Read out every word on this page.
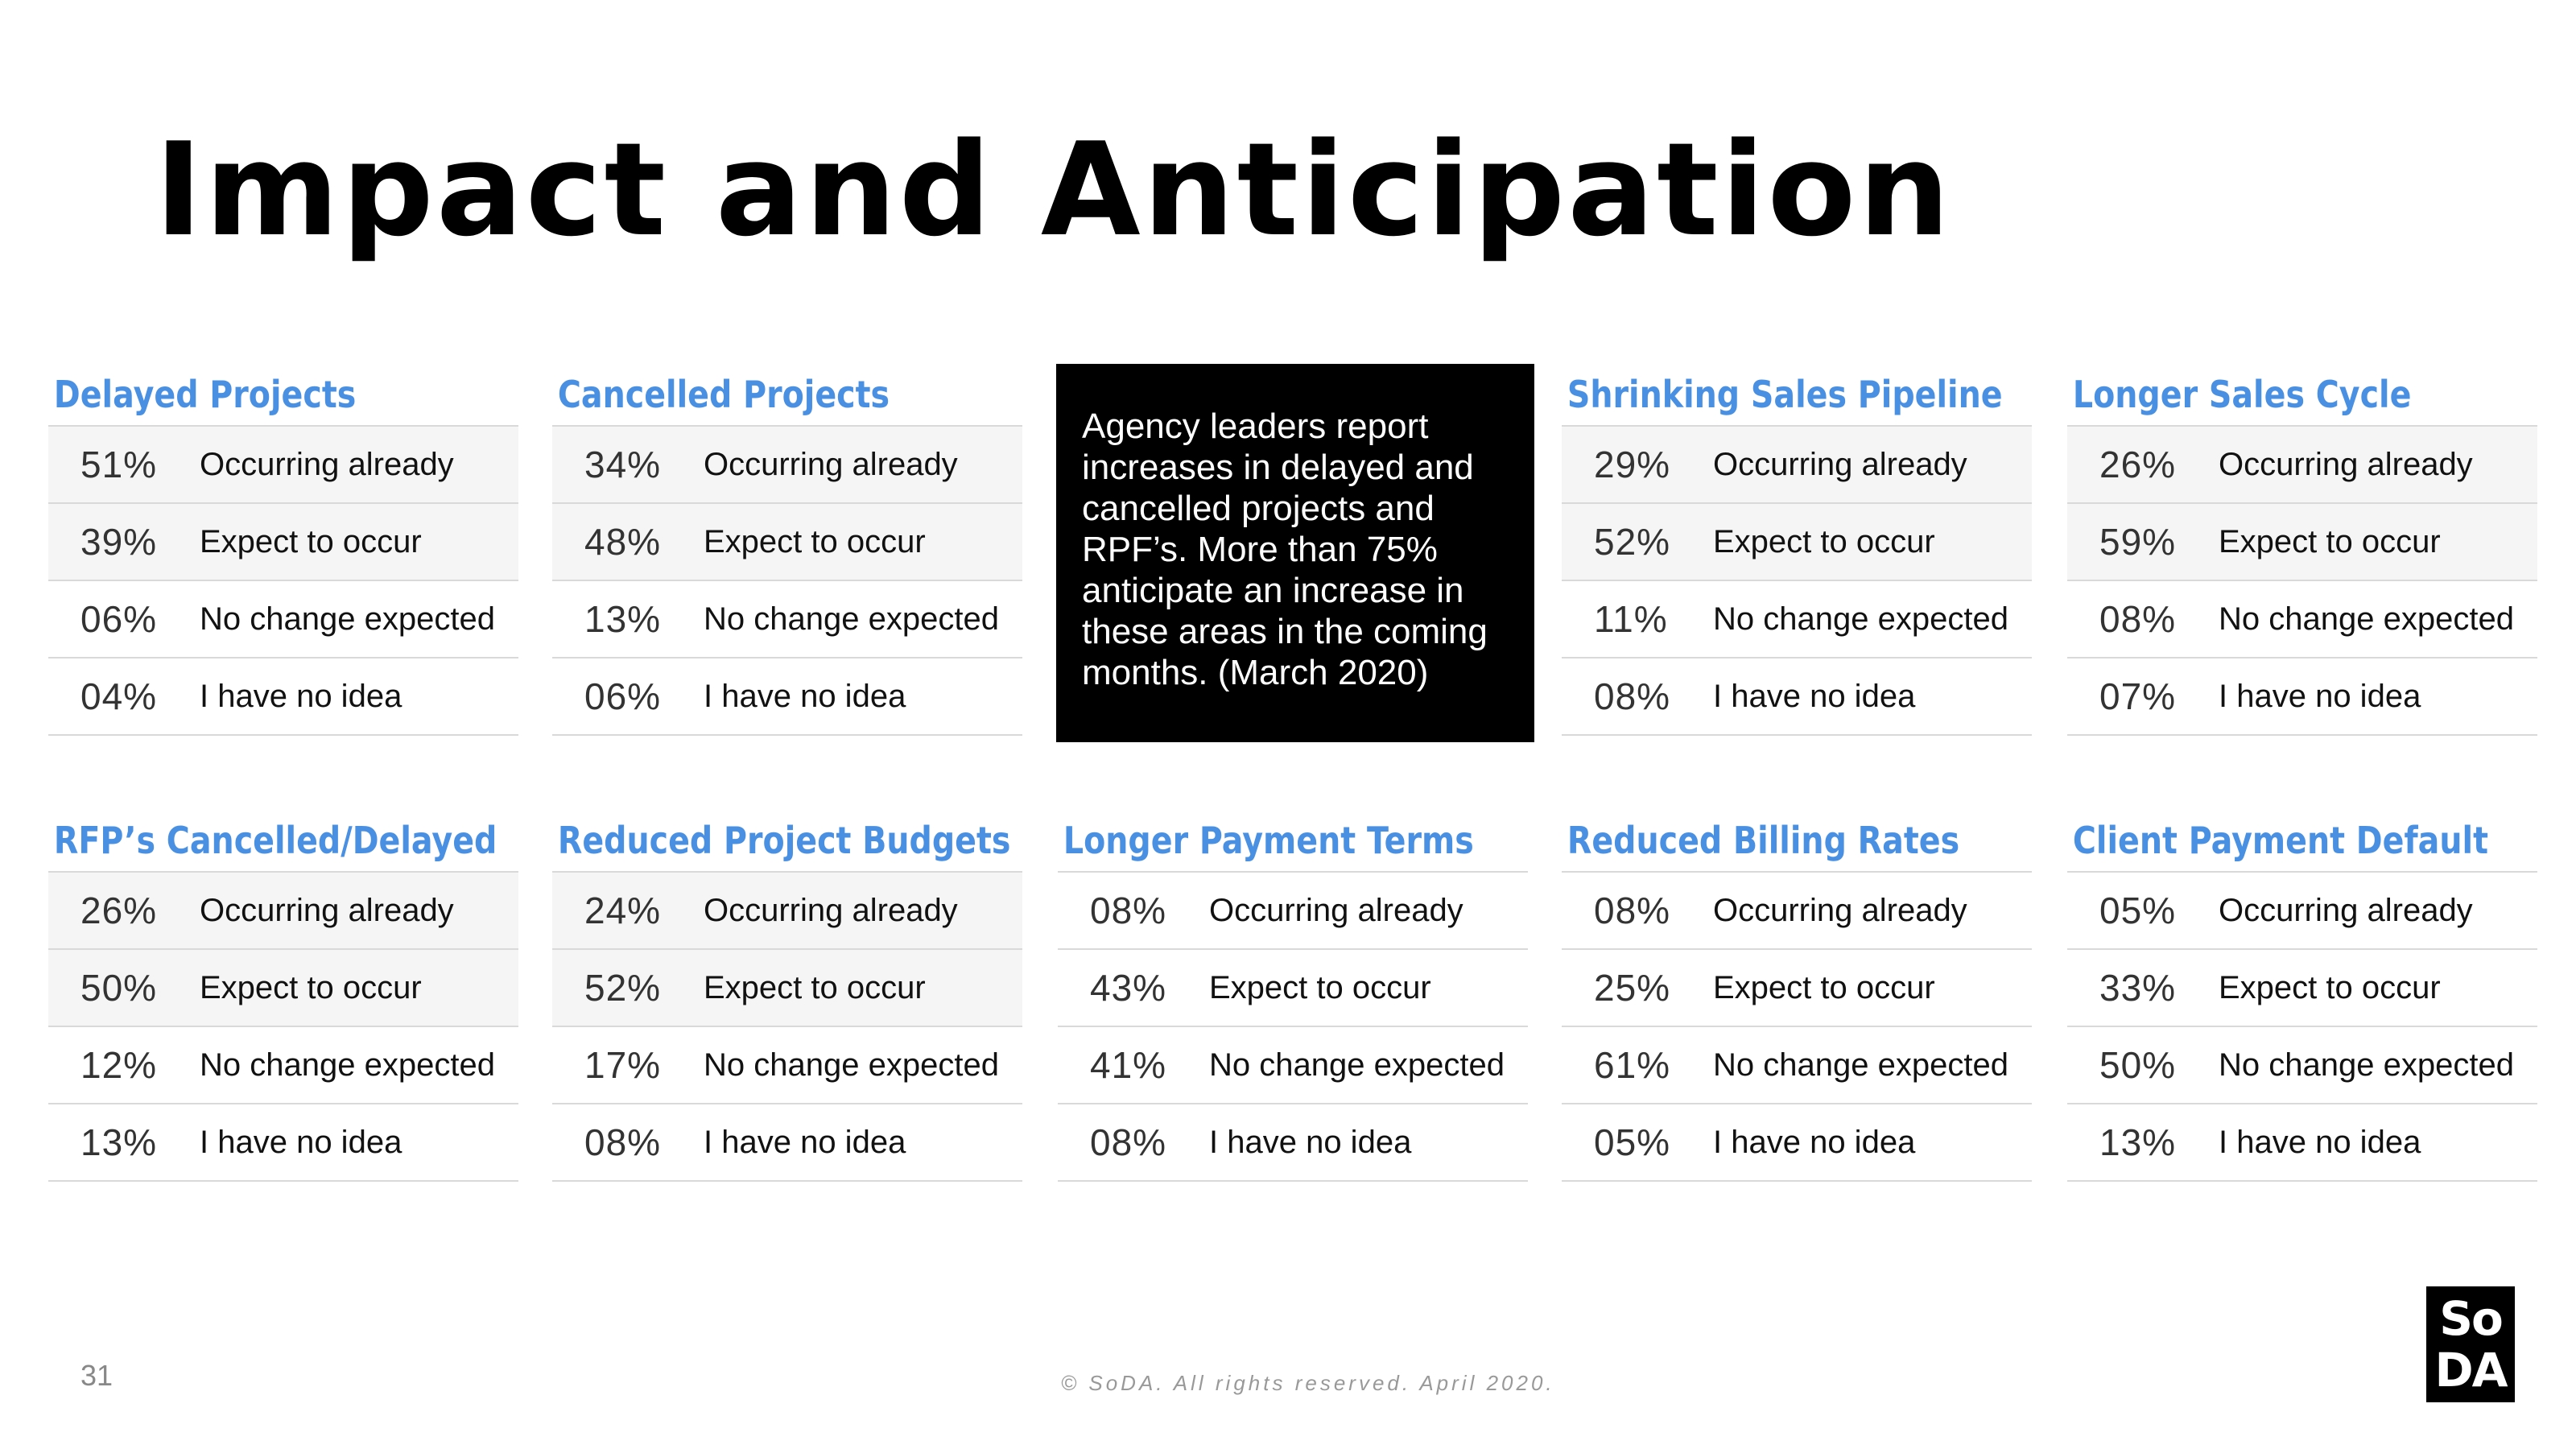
Impact and Anticipation
Delayed Projects
51%	Occurring already
39%	Expect to occur
06%	No change expected
04%	I have no idea
Cancelled Projects
34%	Occurring already
48%	Expect to occur
13%	No change expected
06%	I have no idea
Agency leaders report increases in delayed and cancelled projects and RPF’s. More than 75% anticipate an increase in these areas in the coming months. (March 2020)
Shrinking Sales Pipeline
29%	Occurring already
52%	Expect to occur
11%	No change expected
08%	I have no idea
Longer Sales Cycle
26%	Occurring already
59%	Expect to occur
08%	No change expected
07%	I have no idea
RFP’s Cancelled/Delayed
26%	Occurring already
50%	Expect to occur
12%	No change expected
13%	I have no idea
Reduced Project Budgets
24%	Occurring already
52%	Expect to occur
17%	No change expected
08%	I have no idea
Longer Payment Terms
08%	Occurring already
43%	Expect to occur
41%	No change expected
08%	I have no idea
Reduced Billing Rates
08%	Occurring already
25%	Expect to occur
61%	No change expected
05%	I have no idea
Client Payment Default
05%	Occurring already
33%	Expect to occur
50%	No change expected
13%	I have no idea
31	© SoDA. All rights reserved. April 2020.
So
DA
